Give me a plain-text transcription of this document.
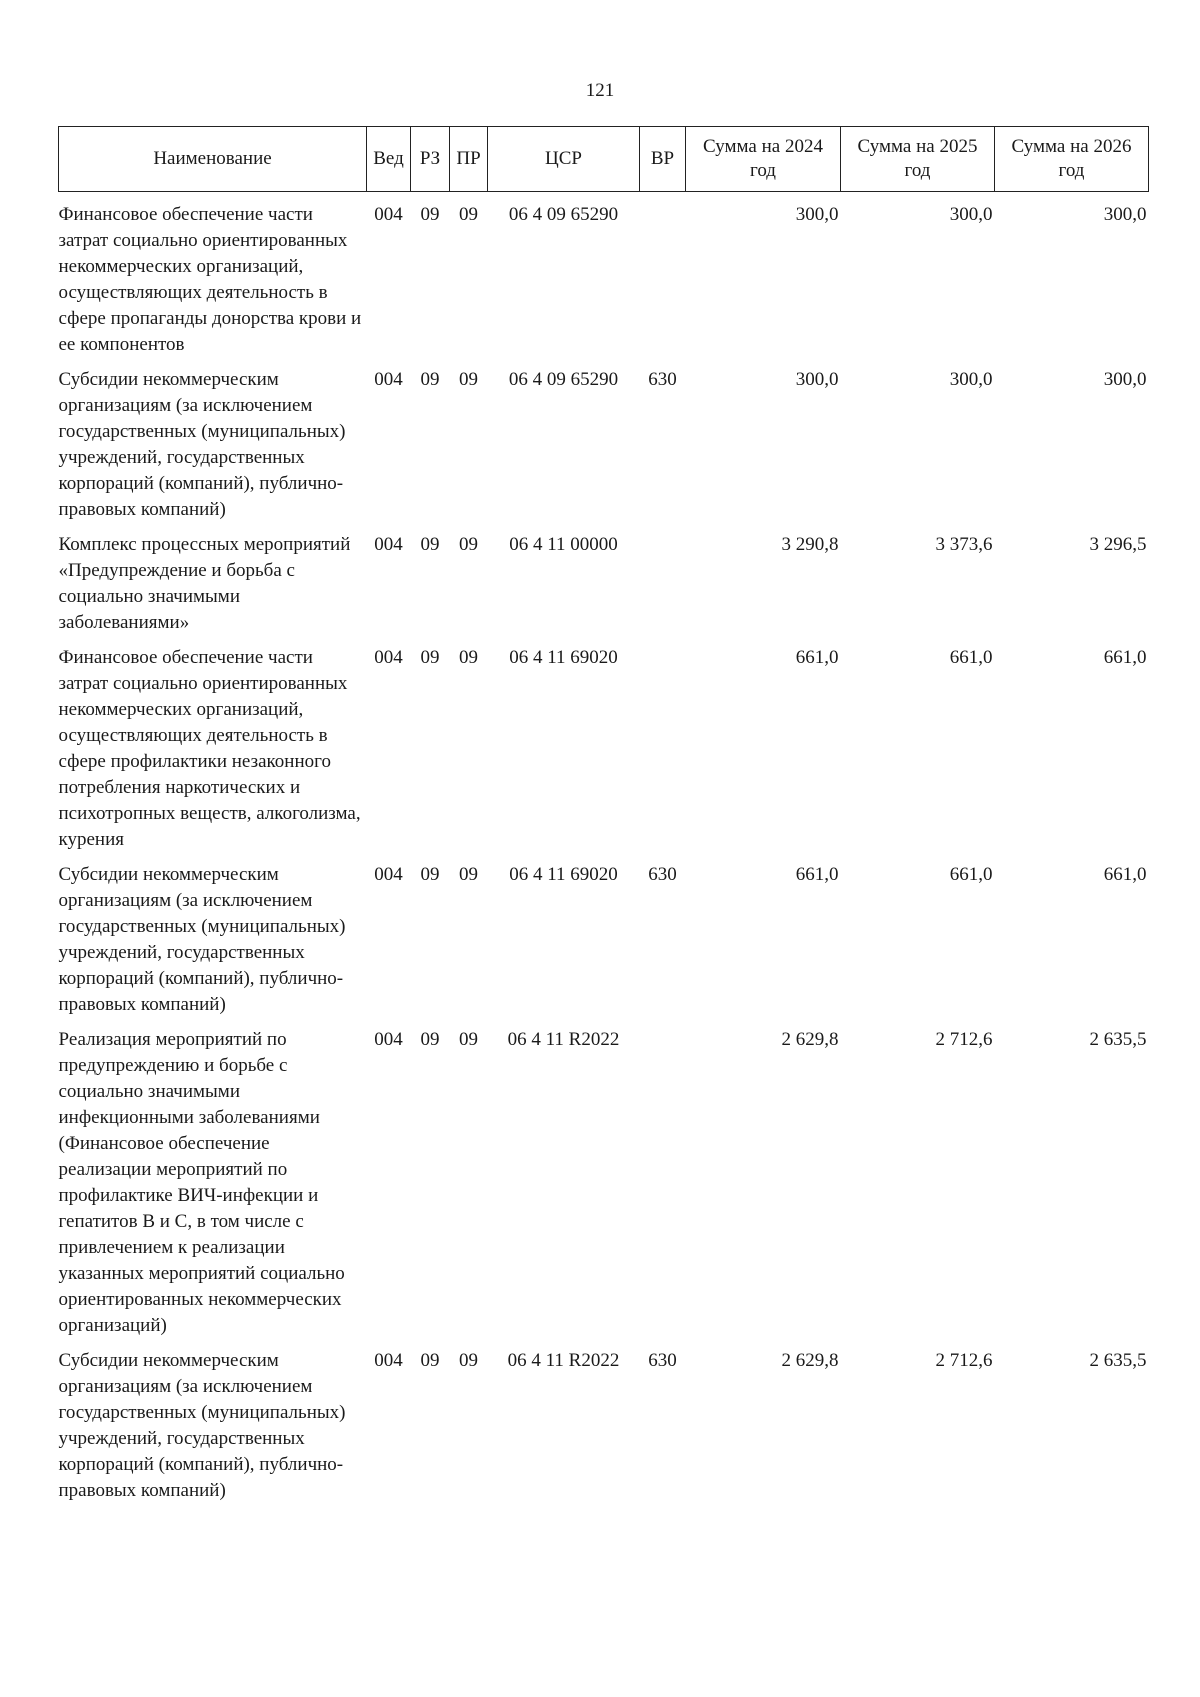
121
Наименование	Вед	РЗ	ПР	ЦСР	ВР	Сумма на 2024 год	Сумма на 2025 год	Сумма на 2026 год
Финансовое обеспечение части затрат социально ориентированных некоммерческих организаций, осуществляющих деятельность в сфере пропаганды донорства крови и ее компонентов	004	09	09	06 4 09 65290		300,0	300,0	300,0
Субсидии некоммерческим организациям (за исключением государственных (муниципальных) учреждений, государственных корпораций (компаний), публично-правовых компаний)	004	09	09	06 4 09 65290	630	300,0	300,0	300,0
Комплекс процессных мероприятий «Предупреждение и борьба с социально значимыми заболеваниями»	004	09	09	06 4 11 00000		3 290,8	3 373,6	3 296,5
Финансовое обеспечение части затрат социально ориентированных некоммерческих организаций, осуществляющих деятельность в сфере профилактики незаконного потребления наркотических и психотропных веществ, алкоголизма, курения	004	09	09	06 4 11 69020		661,0	661,0	661,0
Субсидии некоммерческим организациям (за исключением государственных (муниципальных) учреждений, государственных корпораций (компаний), публично-правовых компаний)	004	09	09	06 4 11 69020	630	661,0	661,0	661,0
Реализация мероприятий по предупреждению и борьбе с социально значимыми инфекционными заболеваниями (Финансовое обеспечение реализации мероприятий по профилактике ВИЧ-инфекции и гепатитов В и С, в том числе с привлечением к реализации указанных мероприятий социально ориентированных некоммерческих организаций)	004	09	09	06 4 11 R2022		2 629,8	2 712,6	2 635,5
Субсидии некоммерческим организациям (за исключением государственных (муниципальных) учреждений, государственных корпораций (компаний), публично-правовых компаний)	004	09	09	06 4 11 R2022	630	2 629,8	2 712,6	2 635,5
